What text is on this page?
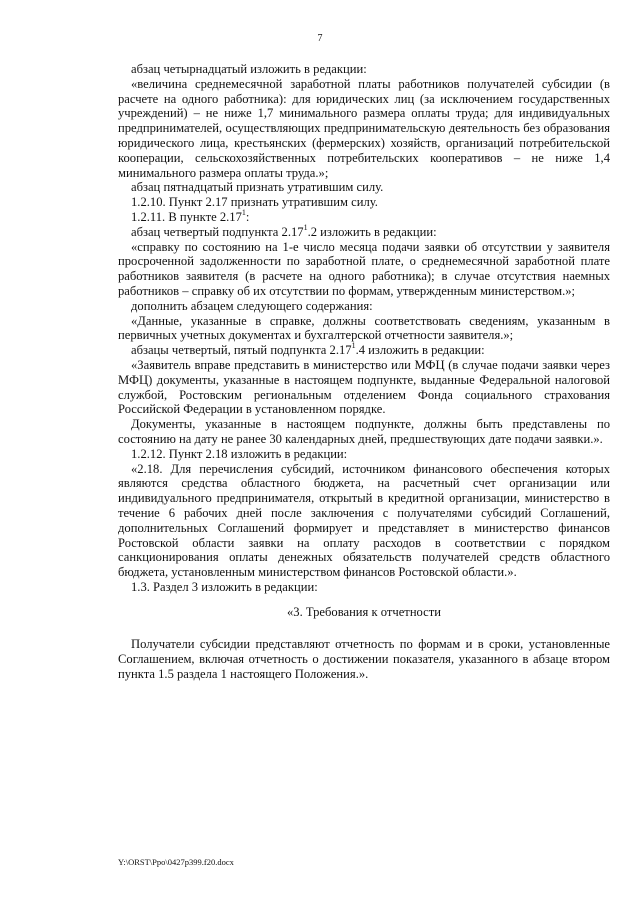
7

абзац четырнадцатый изложить в редакции:

«величина среднемесячной заработной платы работников получателей субсидии (в расчете на одного работника): для юридических лиц (за исключением государственных учреждений) – не ниже 1,7 минимального размера оплаты труда; для индивидуальных предпринимателей, осуществляющих предпринимательскую деятельность без образования юридического лица, крестьянских (фермерских) хозяйств, организаций потребительской кооперации, сельскохозяйственных потребительских кооперативов – не ниже 1,4 минимального размера оплаты труда.»;

абзац пятнадцатый признать утратившим силу.

1.2.10. Пункт 2.17 признать утратившим силу.

1.2.11. В пункте 2.17$^1$:

абзац четвертый подпункта 2.17$^1$.2 изложить в редакции:

«справку по состоянию на 1-е число месяца подачи заявки об отсутствии у заявителя просроченной задолженности по заработной плате, о среднемесячной заработной плате работников заявителя (в расчете на одного работника); в случае отсутствия наемных работников – справку об их отсутствии по формам, утвержденным министерством.»;

дополнить абзацем следующего содержания:

«Данные, указанные в справке, должны соответствовать сведениям, указанным в первичных учетных документах и бухгалтерской отчетности заявителя.»;

абзацы четвертый, пятый подпункта 2.17$^1$.4 изложить в редакции:

«Заявитель вправе представить в министерство или МФЦ (в случае подачи заявки через МФЦ) документы, указанные в настоящем подпункте, выданные Федеральной налоговой службой, Ростовским региональным отделением Фонда социального страхования Российской Федерации в установленном порядке.

Документы, указанные в настоящем подпункте, должны быть представлены по состоянию на дату не ранее 30 календарных дней, предшествующих дате подачи заявки.».

1.2.12. Пункт 2.18 изложить в редакции:

«2.18. Для перечисления субсидий, источником финансового обеспечения которых являются средства областного бюджета, на расчетный счет организации или индивидуального предпринимателя, открытый в кредитной организации, министерство в течение 6 рабочих дней после заключения с получателями субсидий Соглашений, дополнительных Соглашений формирует и представляет в министерство финансов Ростовской области заявки на оплату расходов в соответствии с порядком санкционирования оплаты денежных обязательств получателей средств областного бюджета, установленным министерством финансов Ростовской области.».

1.3. Раздел 3 изложить в редакции:

«3. Требования к отчетности

Получатели субсидии представляют отчетность по формам и в сроки, установленные Соглашением, включая отчетность о достижении показателя, указанного в абзаце втором пункта 1.5 раздела 1 настоящего Положения.».

Y:\ORST\Ppo\0427p399.f20.docx
